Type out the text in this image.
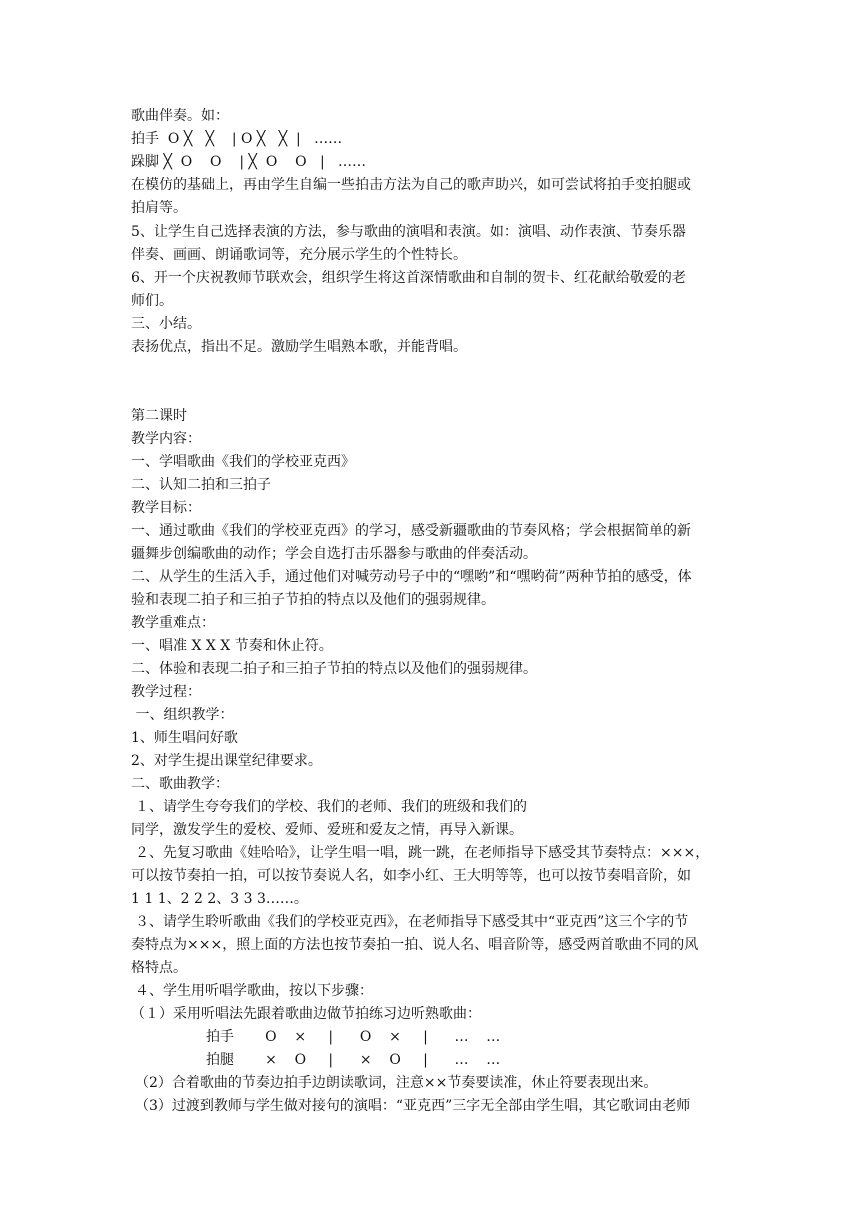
歌曲伴奏。如：
拍手  O ╳   ╳    | O ╳   ╳  |   ……
跺脚 ╳  O    O    | ╳  O    O   |   ……
在模仿的基础上，再由学生自编一些拍击方法为自己的歌声助兴，如可尝试将拍手变拍腿或
拍肩等。
5、让学生自己选择表演的方法，参与歌曲的演唱和表演。如：演唱、动作表演、节奏乐器
伴奏、画画、朗诵歌词等，充分展示学生的个性特长。
6、开一个庆祝教师节联欢会，组织学生将这首深情歌曲和自制的贺卡、红花献给敬爱的老
师们。
三、小结。
表扬优点，指出不足。激励学生唱熟本歌，并能背唱。
第二课时
教学内容：
一、学唱歌曲《我们的学校亚克西》
二、认知二拍和三拍子
教学目标：
一、通过歌曲《我们的学校亚克西》的学习，感受新疆歌曲的节奏风格；学会根据简单的新
疆舞步创编歌曲的动作；学会自选打击乐器参与歌曲的伴奏活动。
二、从学生的生活入手，通过他们对喊劳动号子中的“嘿哟”和“嘿哟荷”两种节拍的感受，体
验和表现二拍子和三拍子节拍的特点以及他们的强弱规律。
教学重难点：
一、唱准 X X X 节奏和休止符。
二、体验和表现二拍子和三拍子节拍的特点以及他们的强弱规律。
教学过程：
一、组织教学：
1、师生唱问好歌
2、对学生提出课堂纪律要求。
二、歌曲教学：
１、请学生夸夸我们的学校、我们的老师、我们的班级和我们的
同学，激发学生的爱校、爱师、爱班和爱友之情，再导入新课。
２、先复习歌曲《娃哈哈》，让学生唱一唱，跳一跳，在老师指导下感受其节奏特点：×××，
可以按节奏拍一拍，可以按节奏说人名，如李小红、王大明等等，也可以按节奏唱音阶，如
1 1 1、2 2 2、3 3 3……。
３、请学生聆听歌曲《我们的学校亚克西》，在老师指导下感受其中“亚克西”这三个字的节
奏特点为×××，照上面的方法也按节奏拍一拍、说人名、唱音阶等，感受两首歌曲不同的风
格特点。
４、学生用听唱学歌曲，按以下步骤：
（１）采用听唱法先跟着歌曲边做节拍练习边听熟歌曲：
拍手       O    ×     |      O    ×     |      …    …
拍腿       ×    O     |      ×    O     |      …    …
（2）合着歌曲的节奏边拍手边朗读歌词，注意××节奏要读准，休止符要表现出来。
（3）过渡到教师与学生做对接句的演唱：“亚克西”三字无全部由学生唱，其它歌词由老师
